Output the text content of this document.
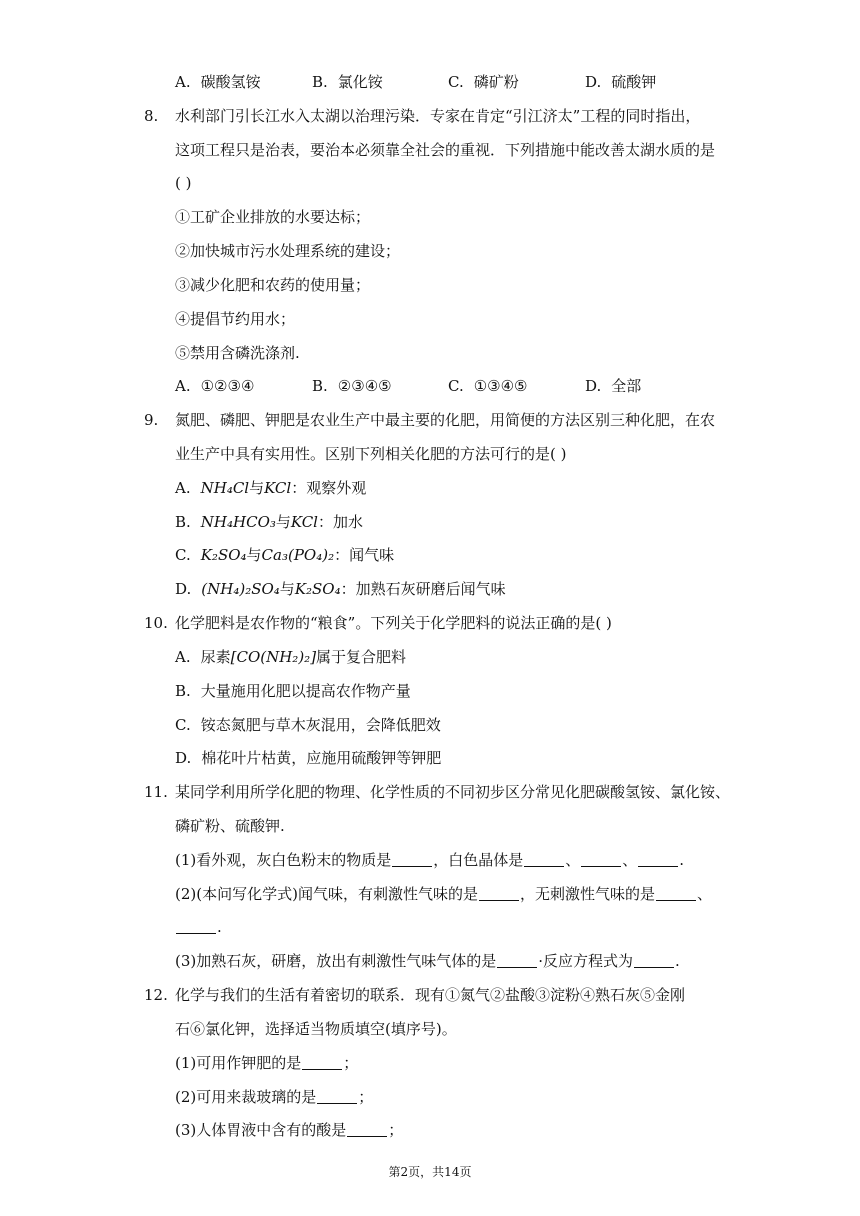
A. 碳酸氢铵	B. 氯化铵	C. 磷矿粉	D. 硫酸钾
8. 水利部门引长江水入太湖以治理污染．专家在肯定“引江济太”工程的同时指出，
这项工程只是治表，要治本必须靠全社会的重视．下列措施中能改善太湖水质的是
( )
①工矿企业排放的水要达标；
②加快城市污水处理系统的建设；
③减少化肥和农药的使用量；
④提倡节约用水；
⑤禁用含磷洗涤剂.
A. ①②③④	B. ②③④⑤	C. ①③④⑤	D. 全部
9. 氮肥、磷肥、钾肥是农业生产中最主要的化肥，用简便的方法区别三种化肥，在农
业生产中具有实用性。区别下列相关化肥的方法可行的是( )
A. NH₄Cl与KCl：观察外观
B. NH₄HCO₃与KCl：加水
C. K₂SO₄与Ca₃(PO₄)₂：闻气味
D. (NH₄)₂SO₄与K₂SO₄：加熟石灰研磨后闻气味
10. 化学肥料是农作物的“粮食”。下列关于化学肥料的说法正确的是( )
A. 尿素[CO(NH₂)₂]属于复合肥料
B. 大量施用化肥以提高农作物产量
C. 铵态氮肥与草木灰混用，会降低肥效
D. 棉花叶片枯黄，应施用硫酸钾等钾肥
11. 某同学利用所学化肥的物理、化学性质的不同初步区分常见化肥碳酸氢铵、氯化铵、
磷矿粉、硫酸钾.
(1)看外观，灰白色粉末的物质是	，白色晶体是	、	、	.
(2)(本问写化学式)闻气味，有刺激性气味的是	，无刺激性气味的是	、
.
(3)加熟石灰，研磨，放出有刺激性气味气体的是	·反应方程式为	.
12. 化学与我们的生活有着密切的联系．现有①氮气②盐酸③淀粉④熟石灰⑤金刚
石⑥氯化钾，选择适当物质填空(填序号)。
(1)可用作钾肥的是	；
(2)可用来裁玻璃的是	；
(3)人体胃液中含有的酸是	；
第2页，共14页
